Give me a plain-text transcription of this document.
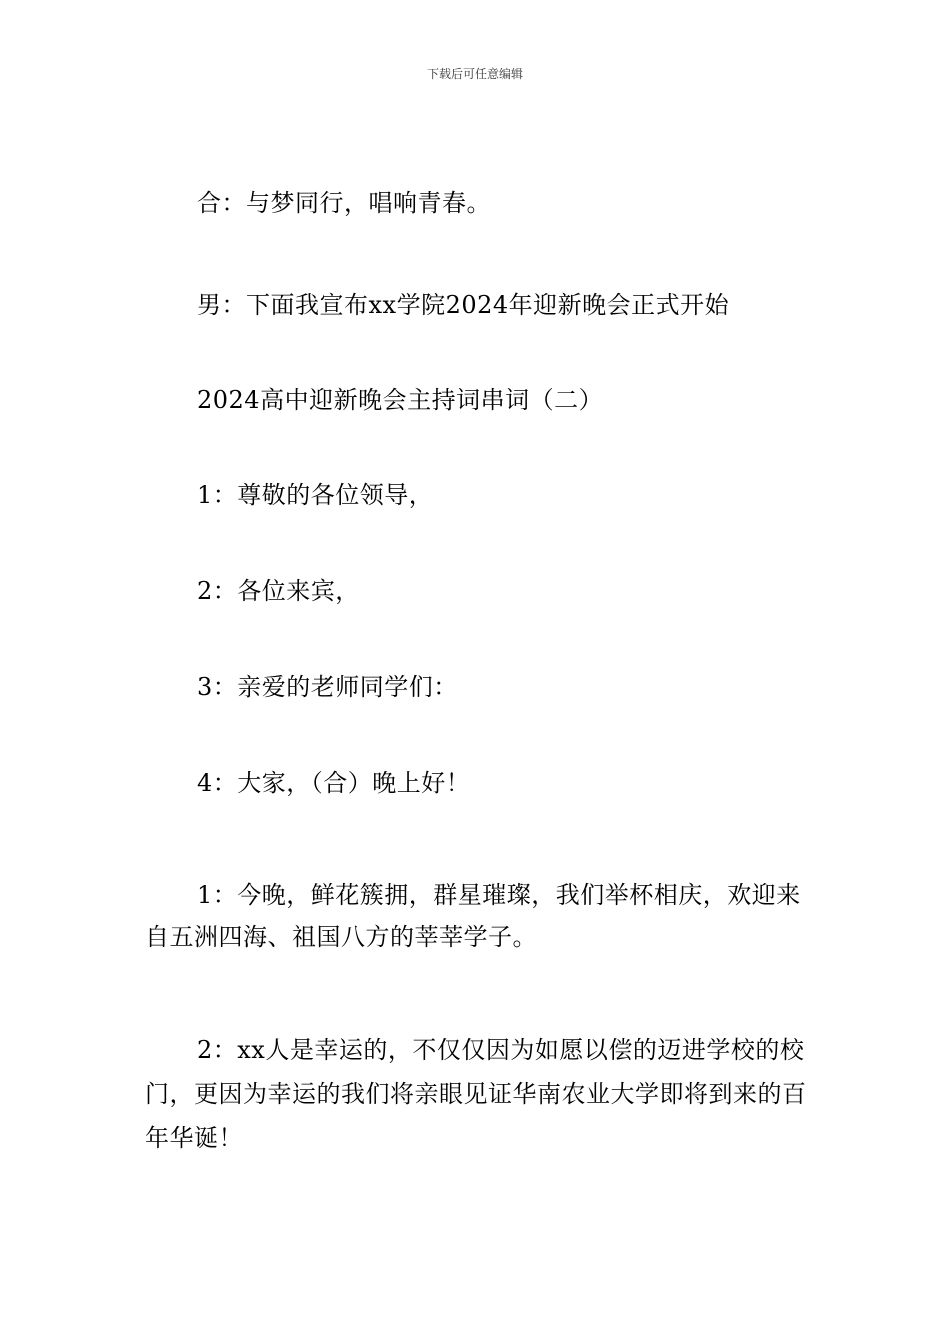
下载后可任意编辑

合：与梦同行，唱响青春。

男：下面我宣布xx学院2024年迎新晚会正式开始

2024高中迎新晚会主持词串词（二）

1：尊敬的各位领导，

2：各位来宾，

3：亲爱的老师同学们：

4：大家，（合）晚上好！

1：今晚，鲜花簇拥，群星璀璨，我们举杯相庆，欢迎来自五洲四海、祖国八方的莘莘学子。

2：xx人是幸运的，不仅仅因为如愿以偿的迈进学校的校门，更因为幸运的我们将亲眼见证华南农业大学即将到来的百年华诞！
